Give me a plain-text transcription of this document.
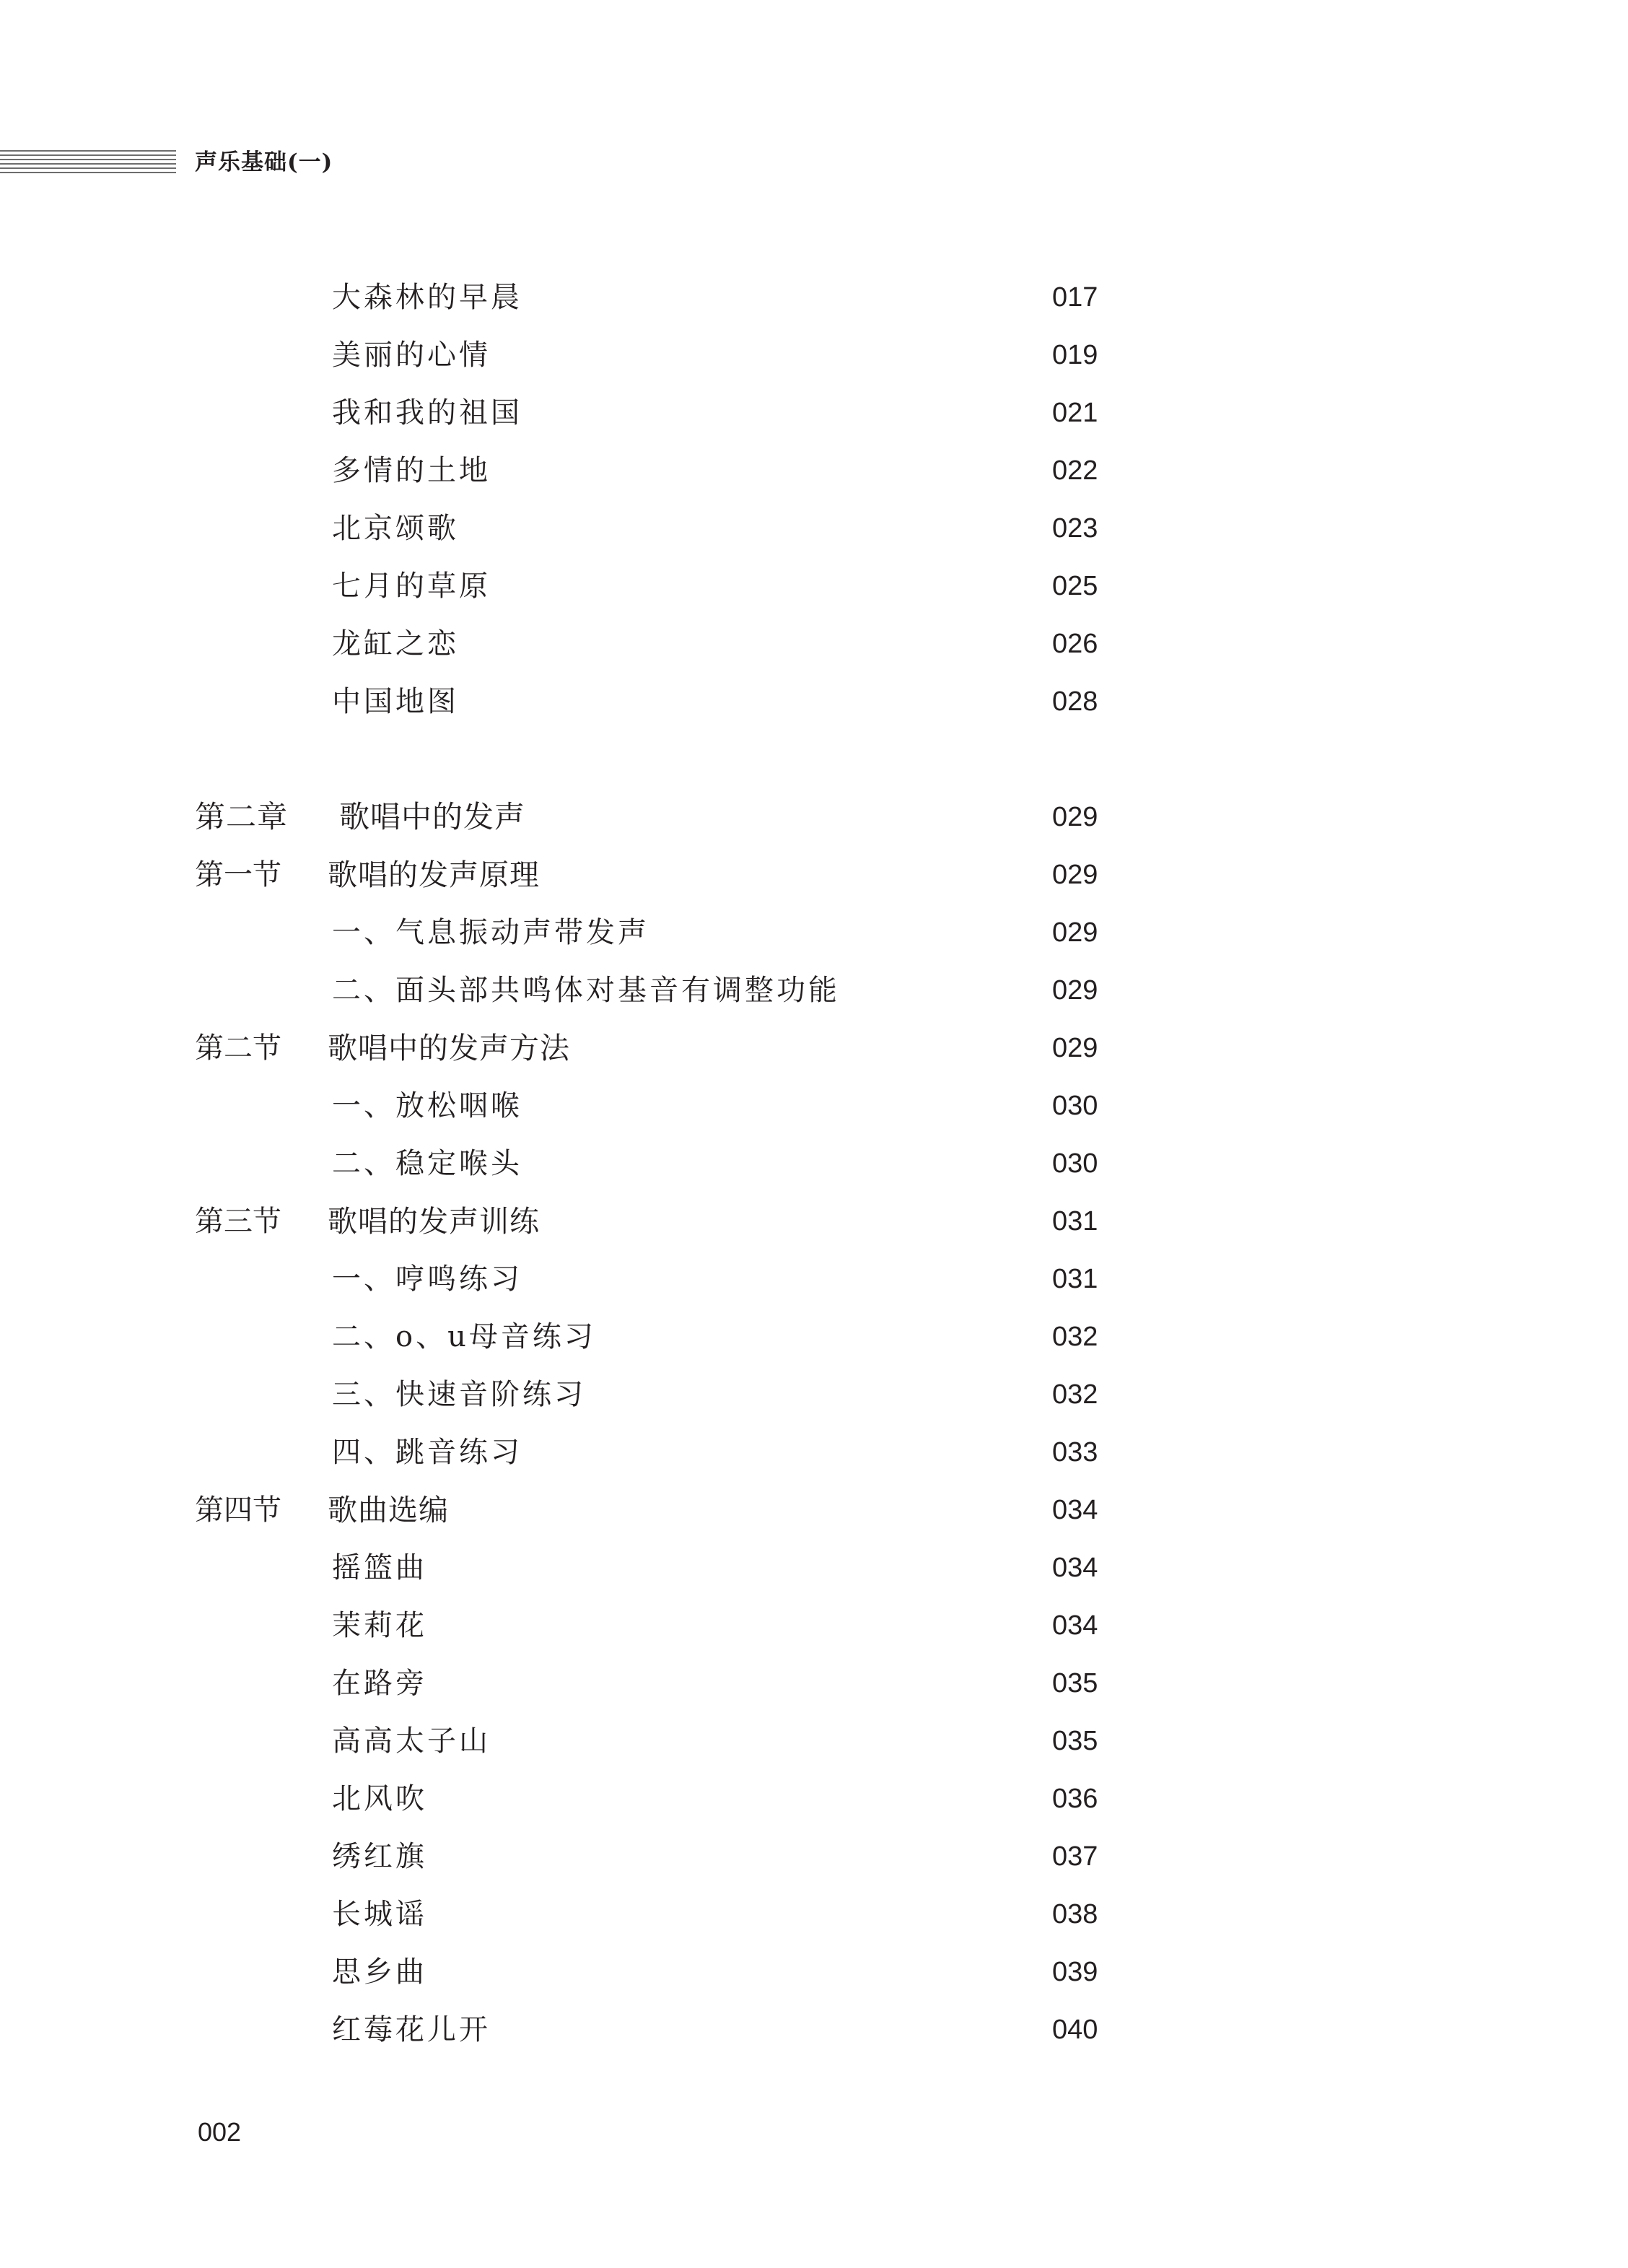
声乐基础(一)
大森林的早晨	017
美丽的心情	019
我和我的祖国	021
多情的土地	022
北京颂歌	023
七月的草原	025
龙缸之恋	026
中国地图	028
第二章 歌唱中的发声	029
第一节 歌唱的发声原理	029
一、气息振动声带发声	029
二、面头部共鸣体对基音有调整功能	029
第二节 歌唱中的发声方法	029
一、放松咽喉	030
二、稳定喉头	030
第三节 歌唱的发声训练	031
一、哼鸣练习	031
二、o、u母音练习	032
三、快速音阶练习	032
四、跳音练习	033
第四节 歌曲选编	034
摇篮曲	034
茉莉花	034
在路旁	035
高高太子山	035
北风吹	036
绣红旗	037
长城谣	038
思乡曲	039
红莓花儿开	040
002
